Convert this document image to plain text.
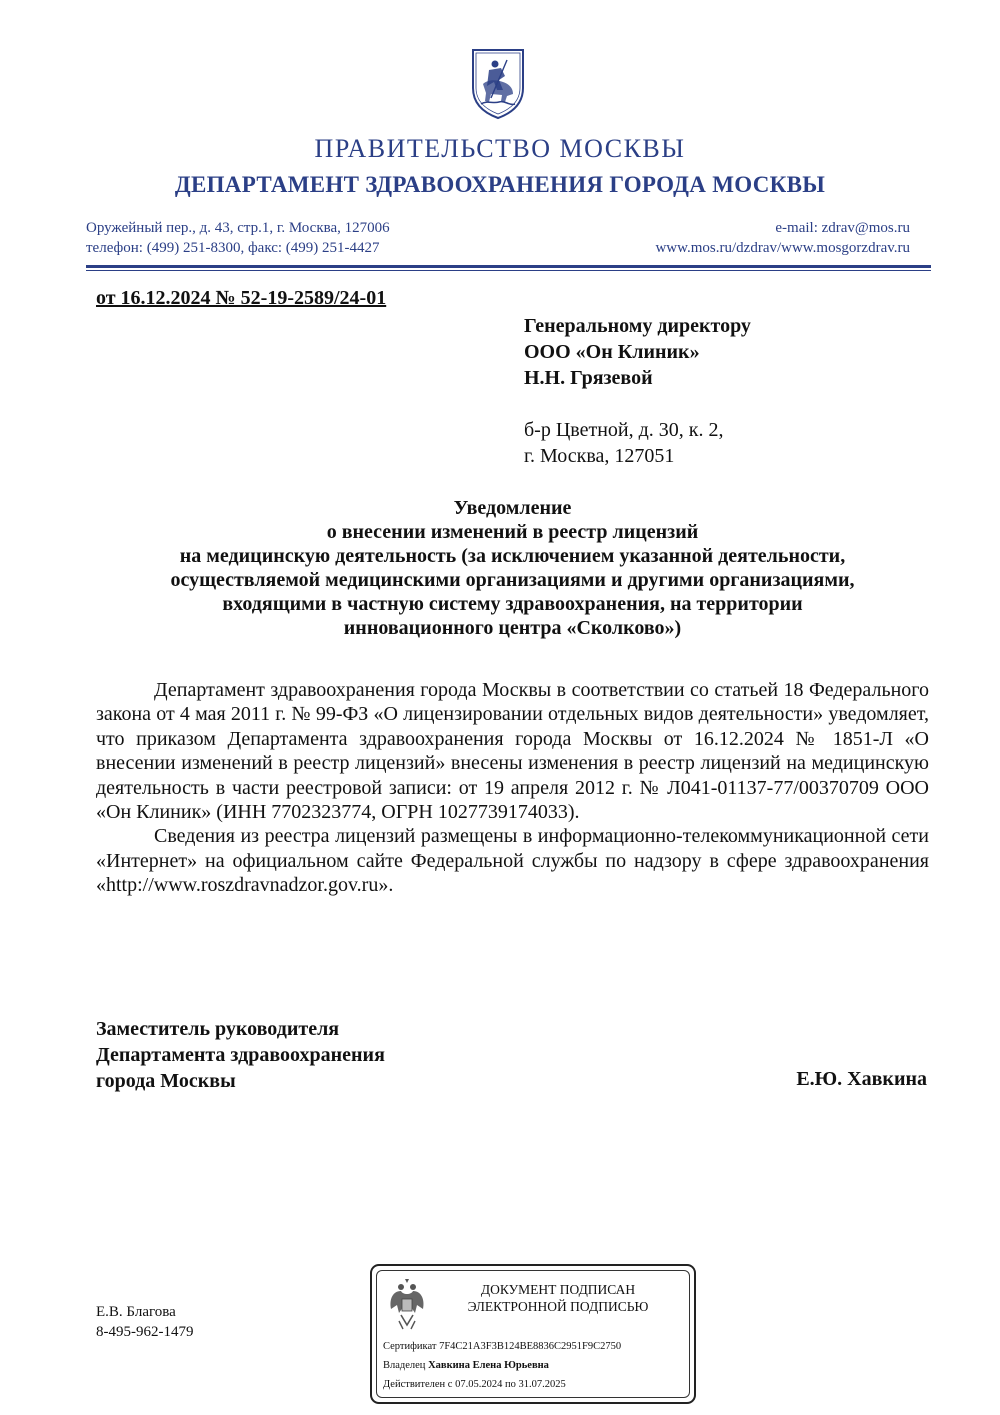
ПРАВИТЕЛЬСТВО МОСКВЫ
ДЕПАРТАМЕНТ ЗДРАВООХРАНЕНИЯ ГОРОДА МОСКВЫ
Оружейный пер., д. 43, стр.1, г. Москва, 127006
телефон: (499) 251-8300, факс: (499) 251-4427
e-mail: zdrav@mos.ru
www.mos.ru/dzdrav/www.mosgorzdrav.ru
от 16.12.2024 № 52-19-2589/24-01
Генеральному директору
ООО «Он Клиник»
Н.Н. Грязевой
б-р Цветной, д. 30, к. 2,
г. Москва, 127051
Уведомление
о внесении изменений в реестр лицензий
на медицинскую деятельность (за исключением указанной деятельности,
осуществляемой медицинскими организациями и другими организациями,
входящими в частную систему здравоохранения, на территории
инновационного центра «Сколково»)

Департамент здравоохранения города Москвы в соответствии со статьей 18 Федерального закона от 4 мая 2011 г. № 99-ФЗ «О лицензировании отдельных видов деятельности» уведомляет, что приказом Департамента здравоохранения города Москвы от 16.12.2024 № 1851-Л «О внесении изменений в реестр лицензий» внесены изменения в реестр лицензий на медицинскую деятельность в части реестровой записи: от 19 апреля 2012 г. № Л041-01137-77/00370709 ООО «Он Клиник» (ИНН 7702323774, ОГРН 1027739174033).

Сведения из реестра лицензий размещены в информационно-телекоммуникационной сети «Интернет» на официальном сайте Федеральной службы по надзору в сфере здравоохранения «http://www.roszdravnadzor.gov.ru».

Заместитель руководителя
Департамента здравоохранения
города Москвы	Е.Ю. Хавкина
Е.В. Благова
8-495-962-1479
ДОКУМЕНТ ПОДПИСАН
ЭЛЕКТРОННОЙ ПОДПИСЬЮ
Сертификат 7F4C21A3F3B124BE8836C2951F9C2750
Владелец Хавкина Елена Юрьевна
Действителен с 07.05.2024 по 31.07.2025
